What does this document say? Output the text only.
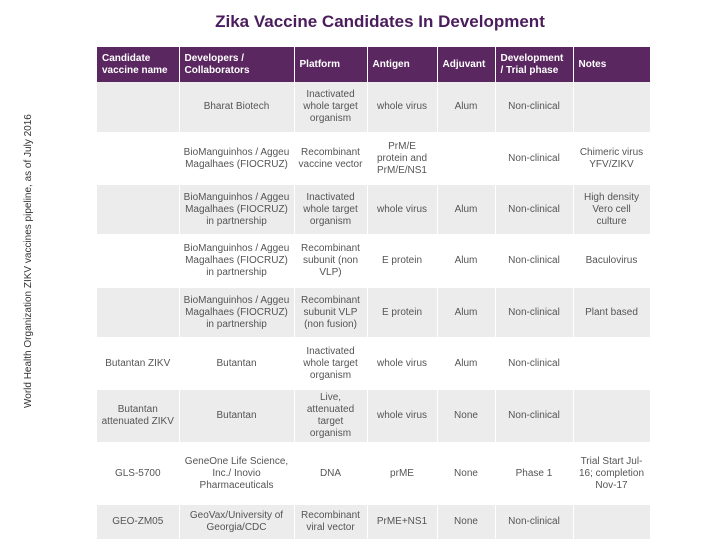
Zika Vaccine Candidates In Development
World Health Organization ZIKV vaccines pipeline, as of July 2016
Candidate vaccine name	Developers / Collaborators	Platform	Antigen	Adjuvant	Development / Trial phase	Notes
	Bharat Biotech	Inactivated whole target organism	whole virus	Alum	Non-clinical	
	BioManguinhos / Aggeu Magalhaes (FIOCRUZ)	Recombinant vaccine vector	PrM/E protein and PrM/E/NS1		Non-clinical	Chimeric virus YFV/ZIKV
	BioManguinhos / Aggeu Magalhaes (FIOCRUZ) in partnership	Inactivated whole target organism	whole virus	Alum	Non-clinical	High density Vero cell culture
	BioManguinhos / Aggeu Magalhaes (FIOCRUZ) in partnership	Recombinant subunit (non VLP)	E protein	Alum	Non-clinical	Baculovirus
	BioManguinhos / Aggeu Magalhaes (FIOCRUZ) in partnership	Recombinant subunit VLP (non fusion)	E protein	Alum	Non-clinical	Plant based
Butantan ZIKV	Butantan	Inactivated whole target organism	whole virus	Alum	Non-clinical	
Butantan attenuated ZIKV	Butantan	Live, attenuated target organism	whole virus	None	Non-clinical	
GLS-5700	GeneOne Life Science, Inc./ Inovio Pharmaceuticals	DNA	prME	None	Phase 1	Trial Start Jul-16; completion Nov-17
GEO-ZM05	GeoVax/University of Georgia/CDC	Recombinant viral vector	PrME+NS1	None	Non-clinical	
